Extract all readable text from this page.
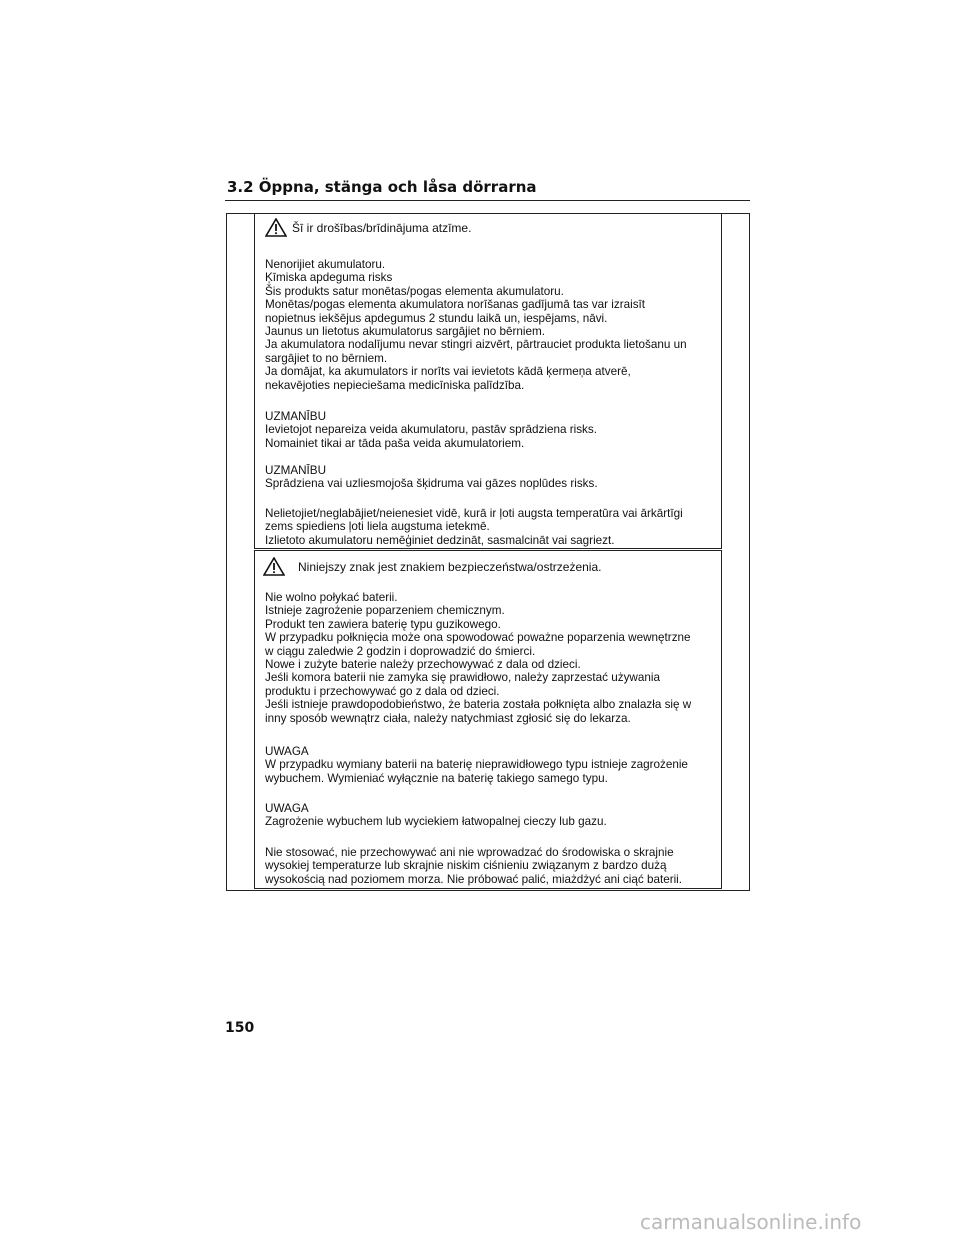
3.2 Öppna, stänga och låsa dörrarna
Šī ir drošības/brīdinājuma atzīme.

Nenorijiet akumulatoru.
Ķīmiska apdeguma risks
Šis produkts satur monētas/pogas elementa akumulatoru.
Monētas/pogas elementa akumulatora norīšanas gadījumā tas var izraisīt
nopietnus iekšējus apdegumus 2 stundu laikā un, iespējams, nāvi.
Jaunus un lietotus akumulatorus sargājiet no bērniem.
Ja akumulatora nodalījumu nevar stingri aizvērt, pārtrauciet produkta lietošanu un
sargājiet to no bērniem.
Ja domājat, ka akumulators ir norīts vai ievietots kādā ķermeņa atverē,
nekavējoties nepieciešama medicīniska palīdzība.

UZMANĪBU
Ievietojot nepareiza veida akumulatoru, pastāv sprādziena risks.
Nomainiet tikai ar tāda paša veida akumulatoriem.

UZMANĪBU
Sprādziena vai uzliesmojoša šķidruma vai gāzes noplūdes risks.

Nelietojiet/neglabājiet/neienesiet vidē, kurā ir ļoti augsta temperatūra vai ārkārtīgi
zems spiediens ļoti liela augstuma ietekmē.
Izlietoto akumulatoru nemēģiniet dedzināt, sasmalcināt vai sagriezt.

Niniejszy znak jest znakiem bezpieczeństwa/ostrzeżenia.

Nie wolno połykać baterii.
Istnieje zagrożenie poparzeniem chemicznym.
Produkt ten zawiera baterię typu guzikowego.
W przypadku połknięcia może ona spowodować poważne poparzenia wewnętrzne
w ciągu zaledwie 2 godzin i doprowadzić do śmierci.
Nowe i zużyte baterie należy przechowywać z dala od dzieci.
Jeśli komora baterii nie zamyka się prawidłowo, należy zaprzestać używania
produktu i przechowywać go z dala od dzieci.
Jeśli istnieje prawdopodobieństwo, że bateria została połknięta albo znalazła się w
inny sposób wewnątrz ciała, należy natychmiast zgłosić się do lekarza.

UWAGA
W przypadku wymiany baterii na baterię nieprawidłowego typu istnieje zagrożenie
wybuchem. Wymieniać wyłącznie na baterię takiego samego typu.

UWAGA
Zagrożenie wybuchem lub wyciekiem łatwopalnej cieczy lub gazu.

Nie stosować, nie przechowywać ani nie wprowadzać do środowiska o skrajnie
wysokiej temperaturze lub skrajnie niskim ciśnieniu związanym z bardzo dużą
wysokością nad poziomem morza. Nie próbować palić, miażdżyć ani ciąć baterii.

150
carmanualsonline.info
